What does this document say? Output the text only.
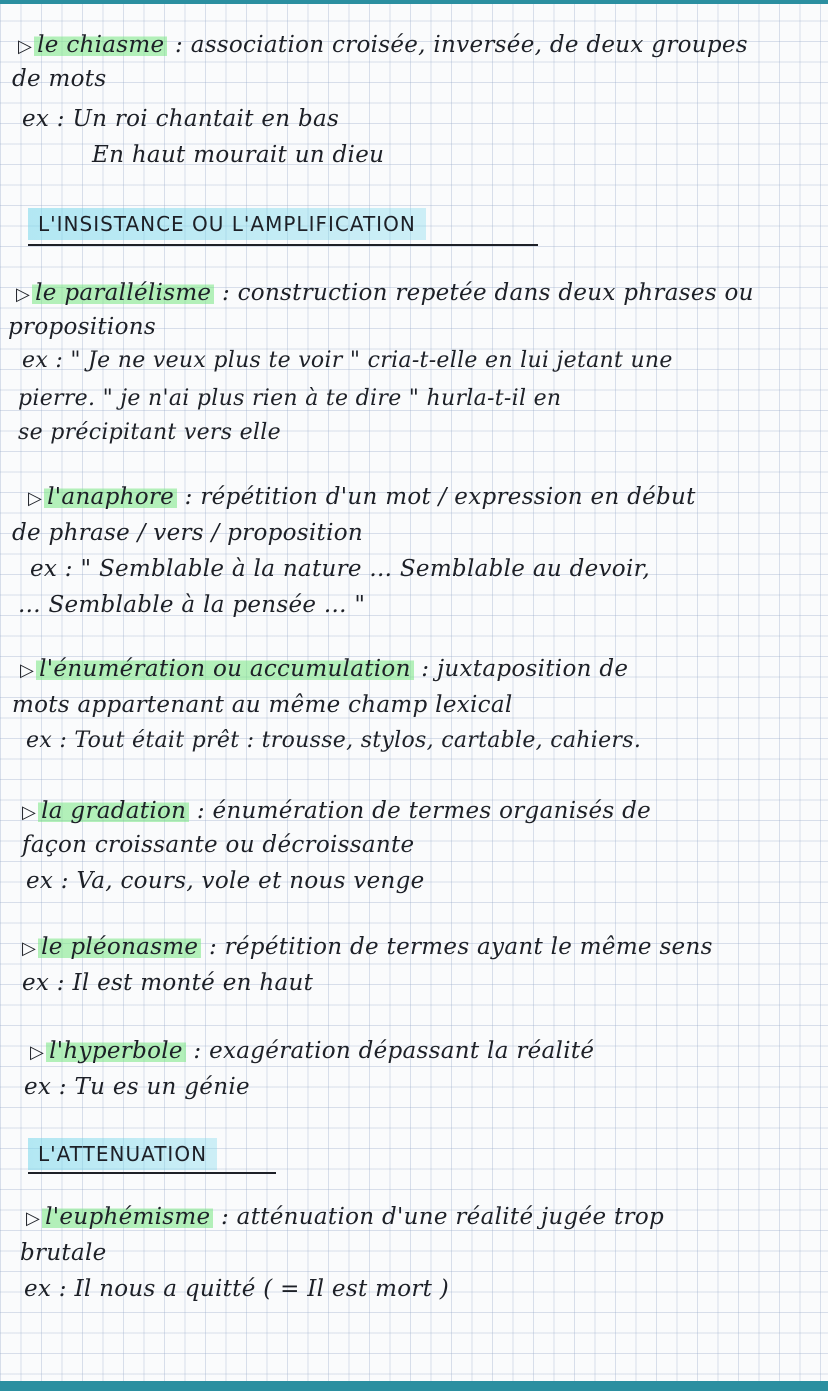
▷ le chiasme : association croisée, inversée, de deux groupes
de mots
ex : Un roi chantait en bas
En haut mourait un dieu
L'INSISTANCE OU L'AMPLIFICATION
▷ le parallélisme : construction repetée dans deux phrases ou
propositions
ex : " Je ne veux plus te voir " cria-t-elle en lui jetant une
pierre. " je n'ai plus rien à te dire " hurla-t-il en
se précipitant vers elle
▷ l'anaphore : répétition d'un mot / expression en début
de phrase / vers / proposition
ex : " Semblable à la nature ... Semblable au devoir,
... Semblable à la pensée ... "
▷ l'énumération ou accumulation : juxtaposition de
mots appartenant au même champ lexical
ex : Tout était prêt : trousse, stylos, cartable, cahiers.
▷ la gradation : énumération de termes organisés de
façon croissante ou décroissante
ex : Va, cours, vole et nous venge
▷ le pléonasme : répétition de termes ayant le même sens
ex : Il est monté en haut
▷ l'hyperbole : exagération dépassant la réalité
ex : Tu es un génie
L'ATTENUATION
▷ l'euphémisme : atténuation d'une réalité jugée trop
brutale
ex : Il nous a quitté ( = Il est mort )
